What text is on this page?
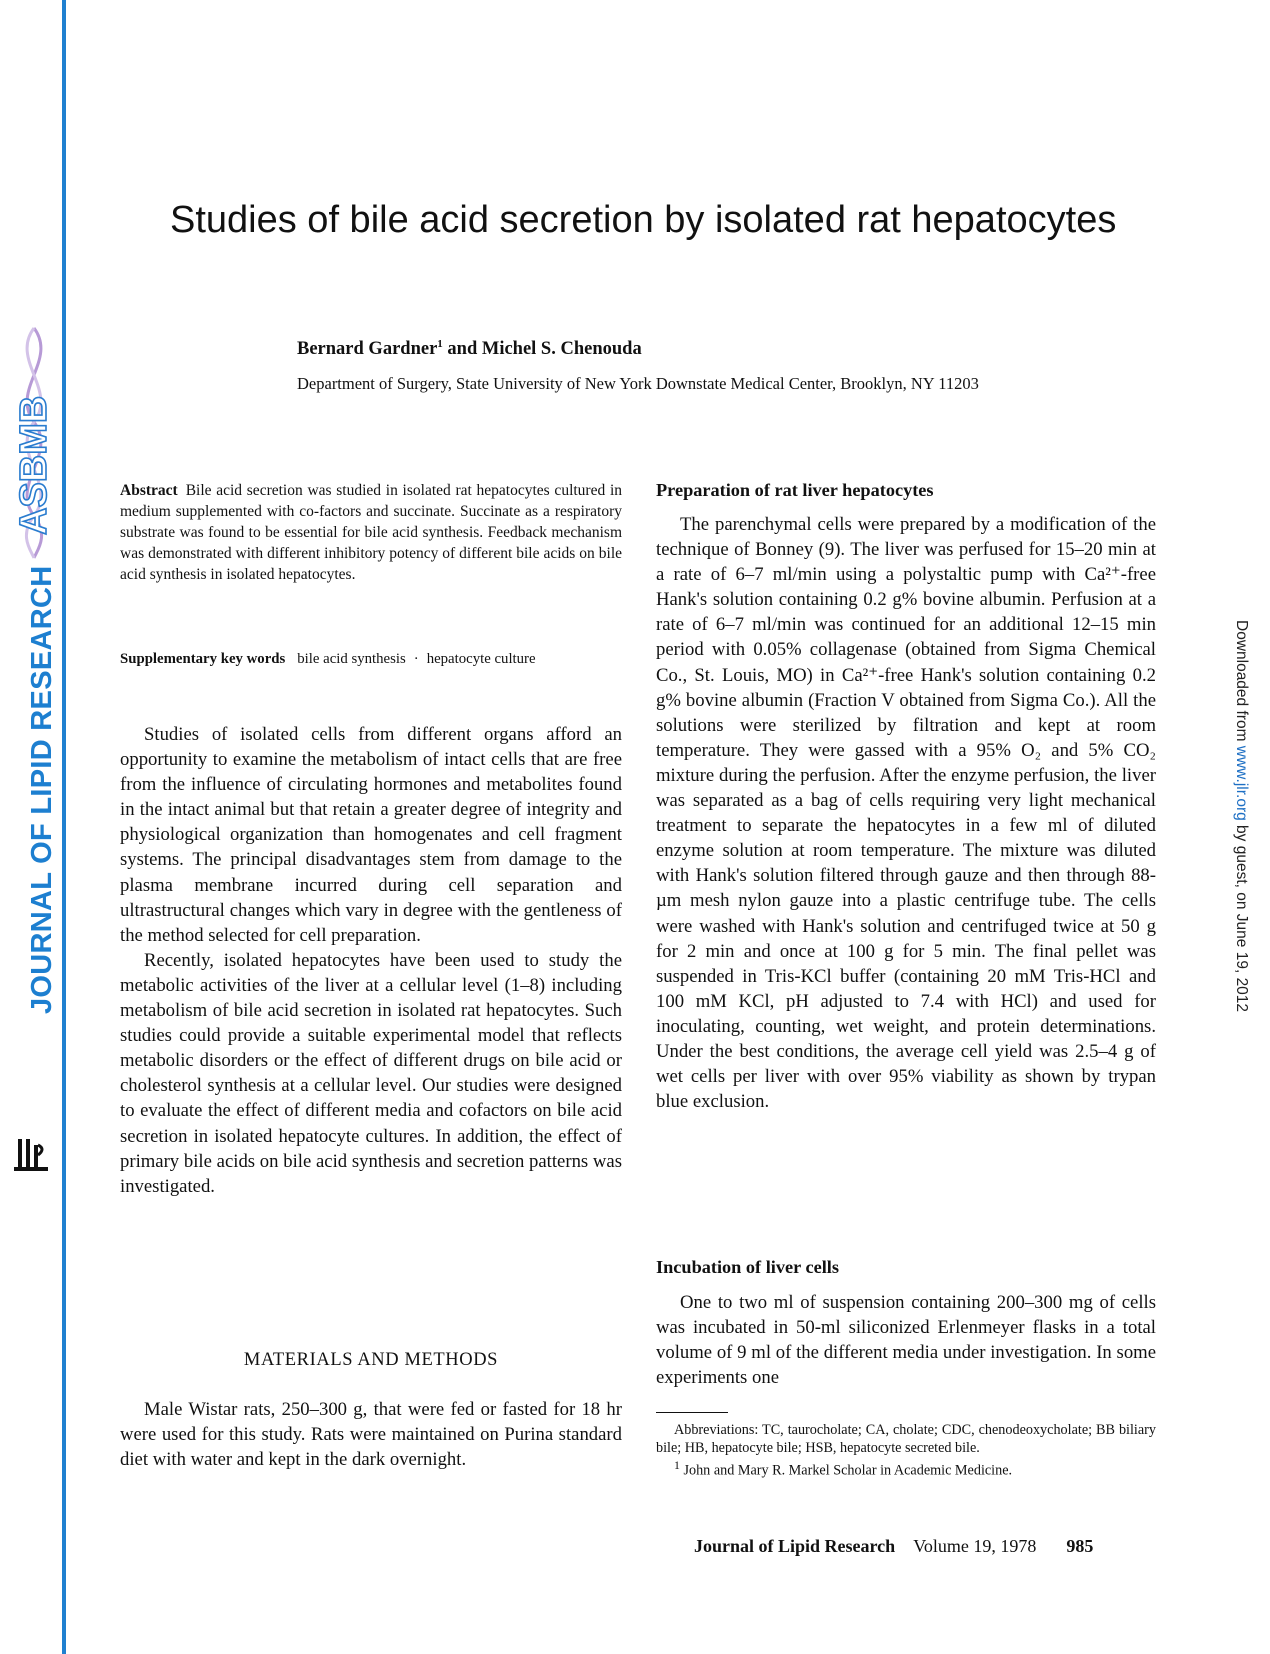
ASBMB
JOURNAL OF LIPID RESEARCH
JLR
Downloaded from www.jlr.org by guest, on June 19, 2012
Studies of bile acid secretion by isolated rat hepatocytes
Bernard Gardner$^1$ and Michel S. Chenouda
Department of Surgery, State University of New York Downstate Medical Center, Brooklyn, NY 11203
Abstract Bile acid secretion was studied in isolated rat hepatocytes cultured in medium supplemented with co-factors and succinate. Succinate as a respiratory substrate was found to be essential for bile acid synthesis. Feedback mechanism was demonstrated with different inhibitory potency of different bile acids on bile acid synthesis in isolated hepatocytes.
Supplementary key words bile acid synthesis · hepatocyte culture

Studies of isolated cells from different organs afford an opportunity to examine the metabolism of intact cells that are free from the influence of circulating hormones and metabolites found in the intact animal but that retain a greater degree of integrity and physiological organization than homogenates and cell fragment systems. The principal disadvantages stem from damage to the plasma membrane incurred during cell separation and ultrastructural changes which vary in degree with the gentleness of the method selected for cell preparation.

Recently, isolated hepatocytes have been used to study the metabolic activities of the liver at a cellular level (1–8) including metabolism of bile acid secretion in isolated rat hepatocytes. Such studies could provide a suitable experimental model that reflects metabolic disorders or the effect of different drugs on bile acid or cholesterol synthesis at a cellular level. Our studies were designed to evaluate the effect of different media and cofactors on bile acid secretion in isolated hepatocyte cultures. In addition, the effect of primary bile acids on bile acid synthesis and secretion patterns was investigated.

MATERIALS AND METHODS

Male Wistar rats, 250–300 g, that were fed or fasted for 18 hr were used for this study. Rats were maintained on Purina standard diet with water and kept in the dark overnight.

Preparation of rat liver hepatocytes

The parenchymal cells were prepared by a modification of the technique of Bonney (9). The liver was perfused for 15–20 min at a rate of 6–7 ml/min using a polystaltic pump with Ca²⁺-free Hank's solution containing 0.2 g% bovine albumin. Perfusion at a rate of 6–7 ml/min was continued for an additional 12–15 min period with 0.05% collagenase (obtained from Sigma Chemical Co., St. Louis, MO) in Ca²⁺-free Hank's solution containing 0.2 g% bovine albumin (Fraction V obtained from Sigma Co.). All the solutions were sterilized by filtration and kept at room temperature. They were gassed with a 95% O₂ and 5% CO₂ mixture during the perfusion. After the enzyme perfusion, the liver was separated as a bag of cells requiring very light mechanical treatment to separate the hepatocytes in a few ml of diluted enzyme solution at room temperature. The mixture was diluted with Hank's solution filtered through gauze and then through 88-µm mesh nylon gauze into a plastic centrifuge tube. The cells were washed with Hank's solution and centrifuged twice at 50 g for 2 min and once at 100 g for 5 min. The final pellet was suspended in Tris-KCl buffer (containing 20 mM Tris-HCl and 100 mM KCl, pH adjusted to 7.4 with HCl) and used for inoculating, counting, wet weight, and protein determinations. Under the best conditions, the average cell yield was 2.5–4 g of wet cells per liver with over 95% viability as shown by trypan blue exclusion.

Incubation of liver cells

One to two ml of suspension containing 200–300 mg of cells was incubated in 50-ml siliconized Erlenmeyer flasks in a total volume of 9 ml of the different media under investigation. In some experiments one

Abbreviations: TC, taurocholate; CA, cholate; CDC, chenodeoxycholate; BB biliary bile; HB, hepatocyte bile; HSB, hepatocyte secreted bile.

$^1$ John and Mary R. Markel Scholar in Academic Medicine.

Journal of Lipid Research Volume 19, 1978 985
